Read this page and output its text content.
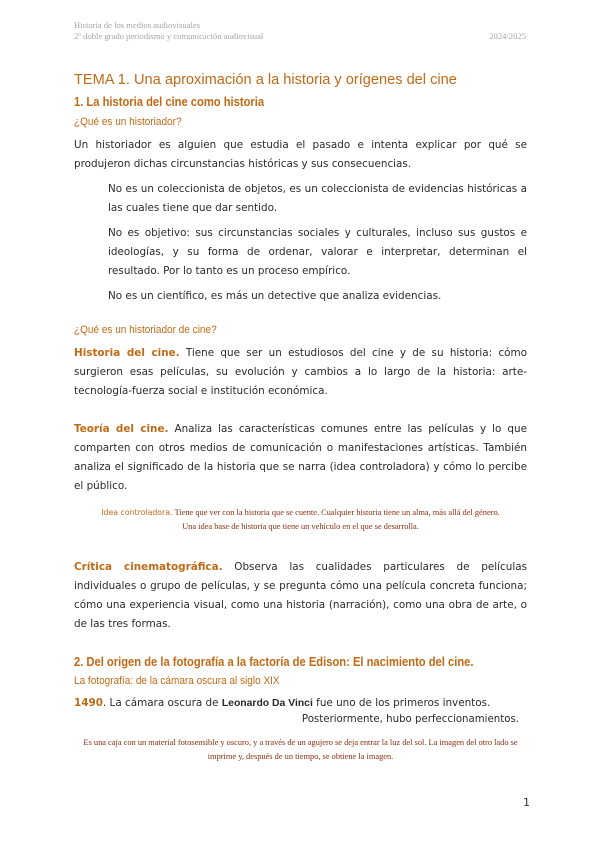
Historia de los medios audiovisuales
2º doble grado periodismo y comunicación audiovisual	2024/2025
TEMA 1. Una aproximación a la historia y orígenes del cine
1. La historia del cine como historia
¿Qué es un historiador?

Un historiador es alguien que estudia el pasado e intenta explicar por qué se produjeron dichas circunstancias históricas y sus consecuencias.

No es un coleccionista de objetos, es un coleccionista de evidencias históricas a las cuales tiene que dar sentido.

No es objetivo: sus circunstancias sociales y culturales, incluso sus gustos e ideologías, y su forma de ordenar, valorar e interpretar, determinan el resultado. Por lo tanto es un proceso empírico.

No es un científico, es más un detective que analiza evidencias.

¿Qué es un historiador de cine?

Historia del cine. Tiene que ser un estudiosos del cine y de su historia: cómo surgieron esas películas, su evolución y cambios a lo largo de la historia: arte-tecnología-fuerza social e institución económica.

Teoría del cine. Analiza las características comunes entre las películas y lo que comparten con otros medios de comunicación o manifestaciones artísticas. También analiza el significado de la historia que se narra (idea controladora) y cómo lo percibe el público.

Idea controladora. Tiene que ver con la historia que se cuente. Cualquier historia tiene un alma, más allá del género. Una idea base de historia que tiene un vehículo en el que se desarrolla.

Crítica cinematográfica. Observa las cualidades particulares de películas individuales o grupo de películas, y se pregunta cómo una película concreta funciona; cómo una experiencia visual, como una historia (narración), como una obra de arte, o de las tres formas.

2. Del origen de la fotografía a la factoría de Edison: El nacimiento del cine.
La fotografía: de la cámara oscura al siglo XIX

1490. La cámara oscura de Leonardo Da Vinci fue uno de los primeros inventos.

Posteriormente, hubo perfeccionamientos.
Es una caja con un material fotosensible y oscuro, y a través de un agujero se deja entrar la luz del sol. La imagen del otro lado se imprime y, después de un tiempo, se obtiene la imagen.
1
